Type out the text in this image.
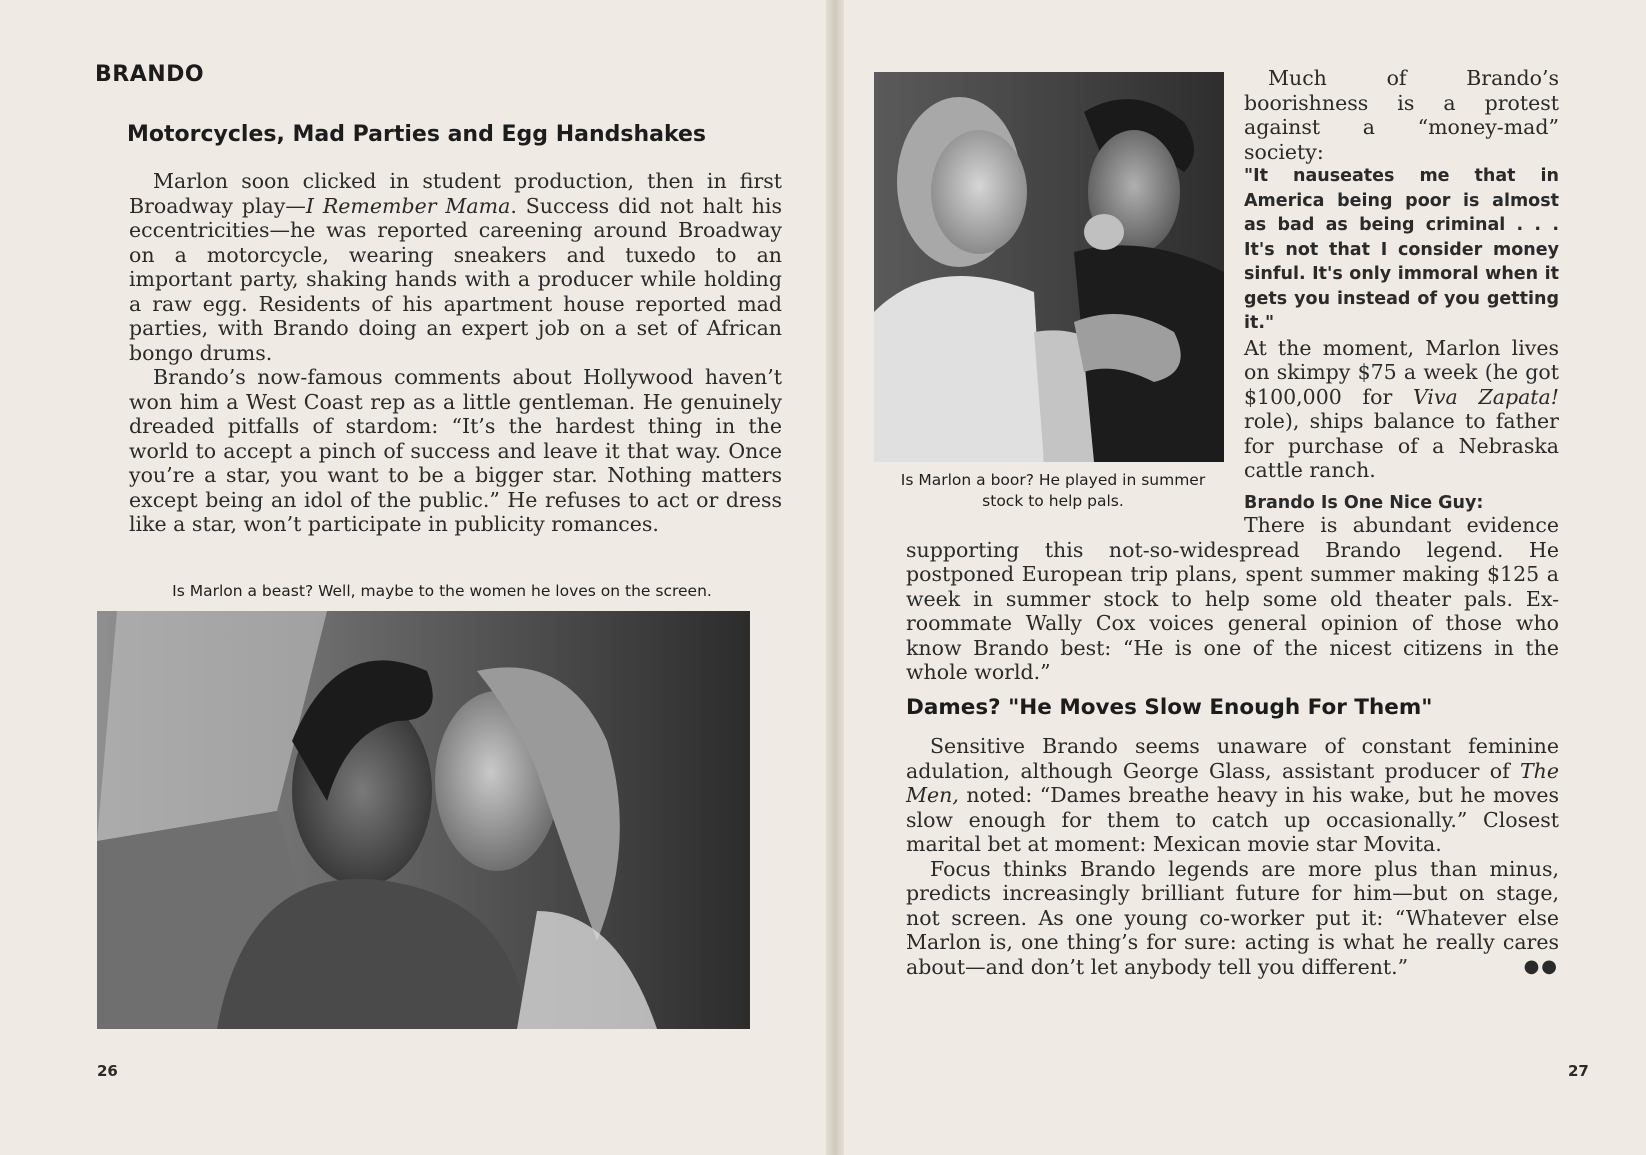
BRANDO
Motorcycles, Mad Parties and Egg Handshakes

Marlon soon clicked in student production, then in first Broadway play—I Remember Mama. Success did not halt his eccentricities—he was reported careening around Broadway on a motorcycle, wearing sneakers and tuxedo to an important party, shaking hands with a producer while holding a raw egg. Residents of his apartment house reported mad parties, with Brando doing an expert job on a set of African bongo drums.

Brando’s now-famous comments about Hollywood haven’t won him a West Coast rep as a little gentleman. He genuinely dreaded pitfalls of stardom: “It’s the hardest thing in the world to accept a pinch of success and leave it that way. Once you’re a star, you want to be a bigger star. Nothing matters except being an idol of the public.” He refuses to act or dress like a star, won’t participate in publicity romances.

Is Marlon a beast? Well, maybe to the women he loves on the screen.
26
Is Marlon a boor? He played in summer stock to help pals.

Much of Brando’s boorishness is a protest against a “money-mad” society:

"It nauseates me that in America being poor is almost as bad as being criminal . . . It's not that I consider money sinful. It's only immoral when it gets you instead of you getting it."

At the moment, Marlon lives on skimpy $75 a week (he got $100,000 for Viva Zapata! role), ships balance to father for purchase of a Nebraska cattle ranch.

Brando Is One Nice Guy:

There is abundant evidence supporting this not-so-widespread Brando legend. He postponed European trip plans, spent summer making $125 a week in summer stock to help some old theater pals. Ex-roommate Wally Cox voices general opinion of those who know Brando best: “He is one of the nicest citizens in the whole world.”

Dames? "He Moves Slow Enough For Them"

Sensitive Brando seems unaware of constant feminine adulation, although George Glass, assistant producer of The Men, noted: “Dames breathe heavy in his wake, but he moves slow enough for them to catch up occasionally.” Closest marital bet at moment: Mexican movie star Movita.

Focus thinks Brando legends are more plus than minus, predicts increasingly brilliant future for him—but on stage, not screen. As one young co-worker put it: “Whatever else Marlon is, one thing’s for sure: acting is what he really cares about—and don’t let anybody tell you different.”	●●

27
